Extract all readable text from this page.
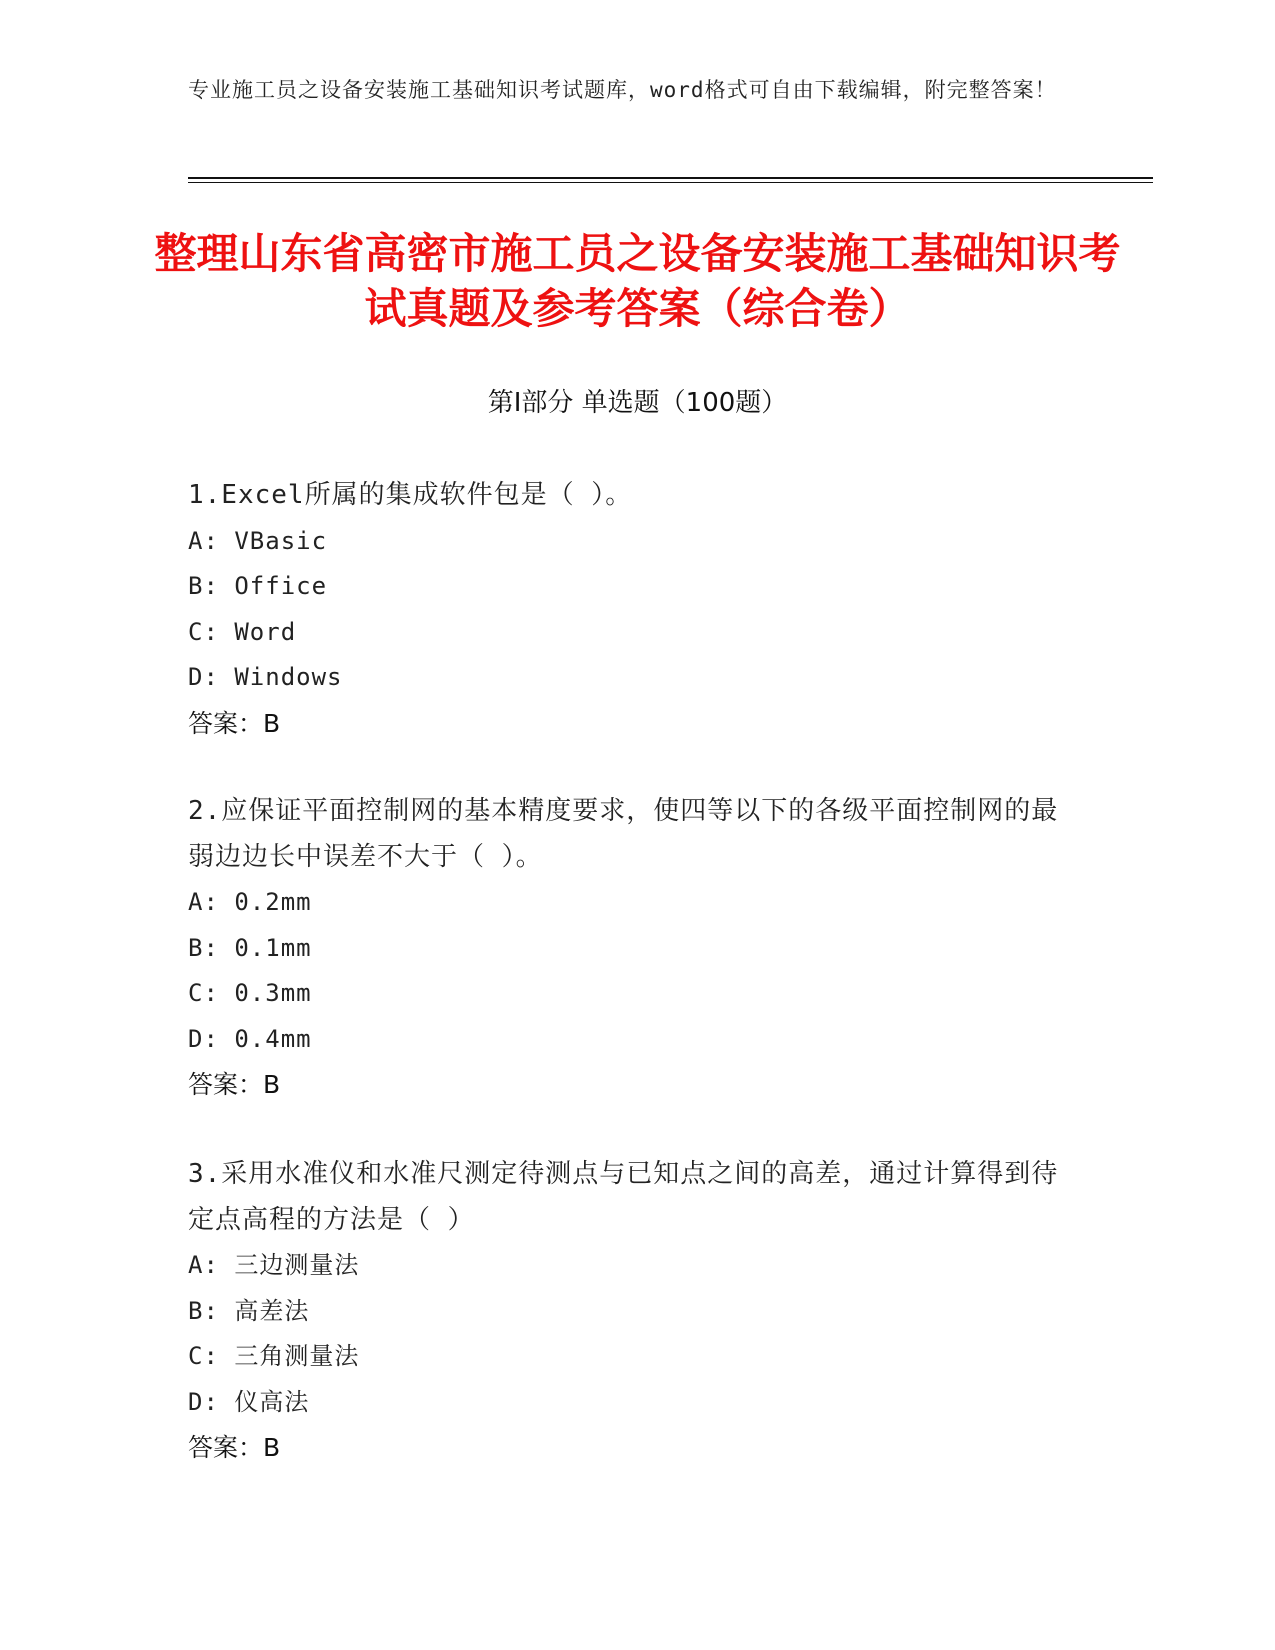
专业施工员之设备安装施工基础知识考试题库，word格式可自由下载编辑，附完整答案！
整理山东省高密市施工员之设备安装施工基础知识考试真题及参考答案（综合卷）
第Ⅰ部分 单选题（100题）
1.Excel所属的集成软件包是（ ）。
A: VBasic
B: Office
C: Word
D: Windows
答案：B
2.应保证平面控制网的基本精度要求，使四等以下的各级平面控制网的最弱边边长中误差不大于（ ）。
A: 0.2mm
B: 0.1mm
C: 0.3mm
D: 0.4mm
答案：B
3.采用水准仪和水准尺测定待测点与已知点之间的高差，通过计算得到待定点高程的方法是（ ）
A: 三边测量法
B: 高差法
C: 三角测量法
D: 仪高法
答案：B
